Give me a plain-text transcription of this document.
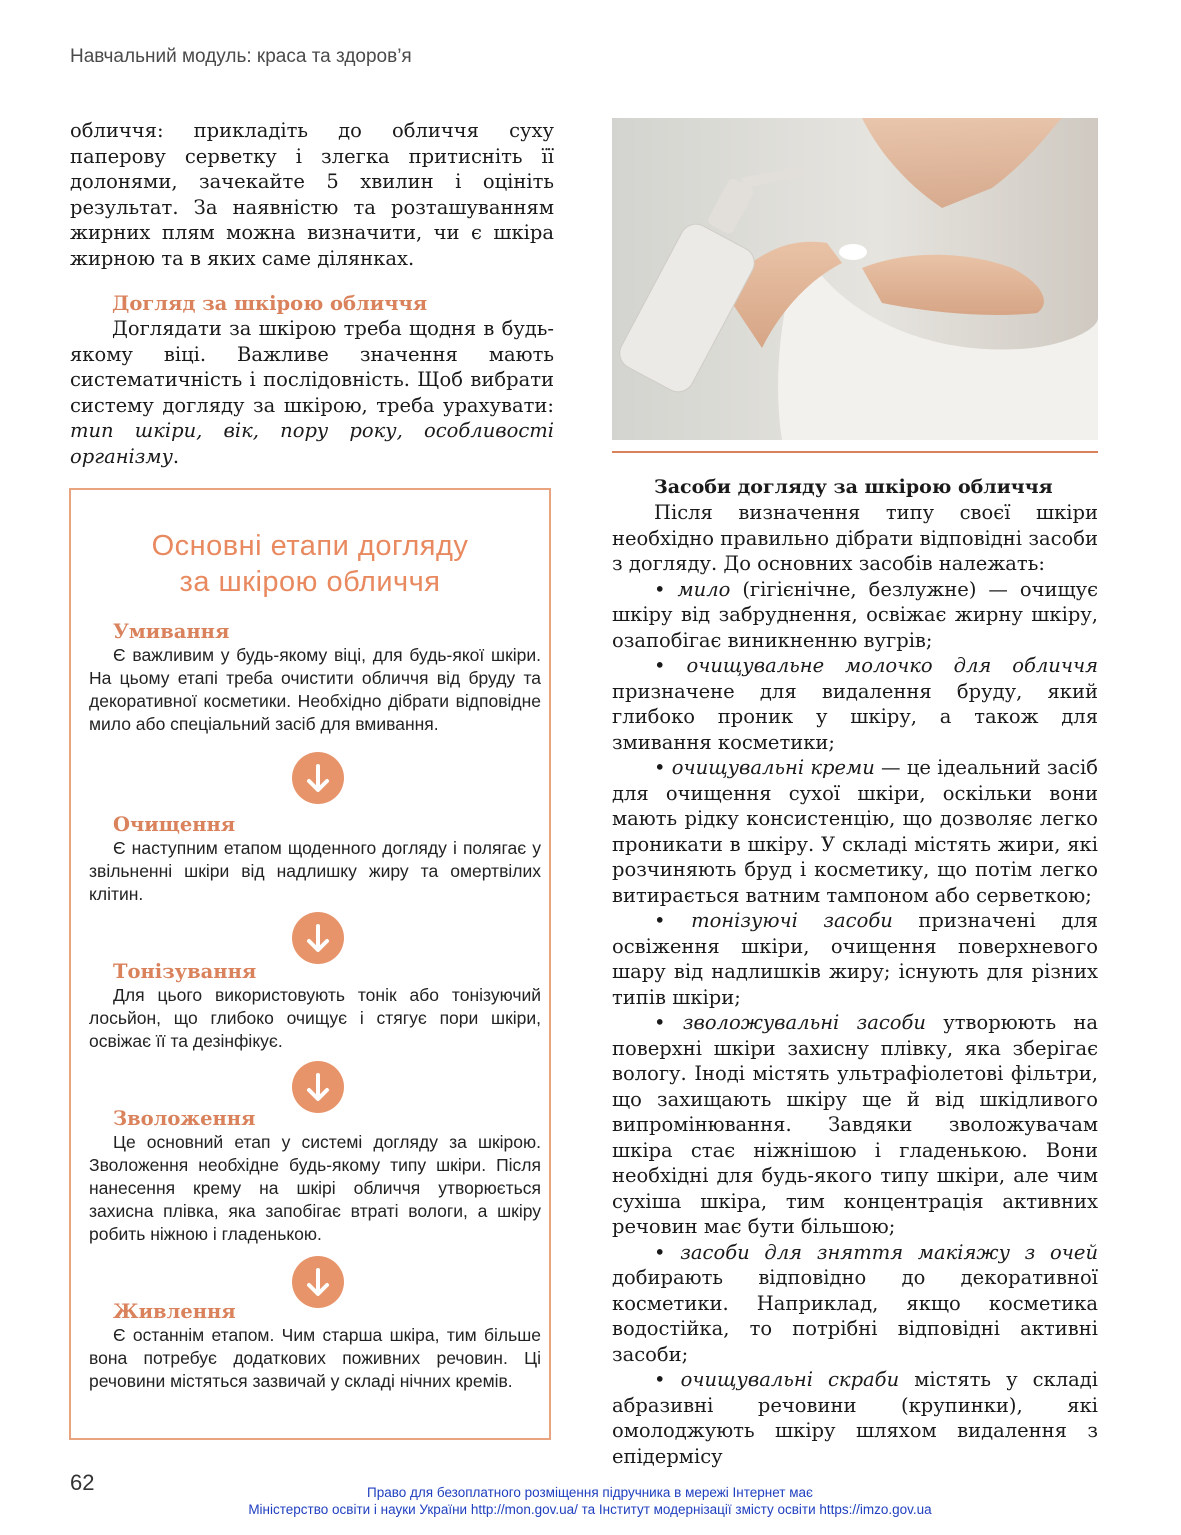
Навчальний модуль: краса та здоров’я

обличчя: прикладіть до обличчя суху паперову серветку і злегка притисніть її долонями, зачекайте 5 хвилин і оцініть результат. За наявністю та розташуванням жирних плям можна визначити, чи є шкіра жирною та в яких саме ділянках.

Догляд за шкірою обличчя

Доглядати за шкірою треба щодня в будь-якому віці. Важливе значення мають систематичність і послідовність. Щоб вибрати систему догляду за шкірою, треба урахувати: тип шкіри, вік, пору року, особливості організму.

Основні етапи догляду
за шкірою обличчя
Умивання

Є важливим у будь-якому віці, для будь-якої шкіри. На цьому етапі треба очистити обличчя від бруду та декоративної косметики. Необхідно дібрати відповідне мило або спеціальний засіб для вмивання.

Очищення

Є наступним етапом щоденного догляду і полягає у звільненні шкіри від надлишку жиру та омертвілих клітин.

Тонізування

Для цього використовують тонік або тонізуючий лосьйон, що глибоко очищує і стягує пори шкіри, освіжає її та дезінфікує.

Зволоження

Це основний етап у системі догляду за шкірою. Зволоження необхідне будь-якому типу шкіри. Після нанесення крему на шкірі обличчя утворюється захисна плівка, яка запобігає втраті вологи, а шкіру робить ніжною і гладенькою.

Живлення

Є останнім етапом. Чим старша шкіра, тим більше вона потребує додаткових поживних речовин. Ці речовини містяться зазвичай у складі нічних кремів.

Засоби догляду за шкірою обличчя

Після визначення типу своєї шкіри необхідно правильно дібрати відповідні засоби з догляду. До основних засобів належать:

• мило (гігієнічне, безлужне) — очищує шкіру від забруднення, освіжає жирну шкіру, озапобігає виникненню вугрів;

• очищувальне молочко для обличчя призначене для видалення бруду, який глибоко проник у шкіру, а також для змивання косметики;

• очищувальні креми — це ідеальний засіб для очищення сухої шкіри, оскільки вони мають рідку консистенцію, що дозволяє легко проникати в шкіру. У складі містять жири, які розчиняють бруд і косметику, що потім легко витирається ватним тампоном або серветкою;

• тонізуючі засоби призначені для освіження шкіри, очищення поверхневого шару від надлишків жиру; існують для різних типів шкіри;

• зволожувальні засоби утворюють на поверхні шкіри захисну плівку, яка зберігає вологу. Іноді містять ультрафіолетові фільтри, що захищають шкіру ще й від шкідливого випромінювання. Завдяки зволожувачам шкіра стає ніжнішою і гладенькою. Вони необхідні для будь-якого типу шкіри, але чим сухіша шкіра, тим концентрація активних речовин має бути більшою;

• засоби для зняття макіяжу з очей добирають відповідно до декоративної косметики. Наприклад, якщо косметика водостійка, то потрібні відповідні активні засоби;

• очищувальні скраби містять у складі абразивні речовини (крупинки), які омолоджують шкіру шляхом видалення з епідермісу

62	Право для безоплатного розміщення підручника в мережі Інтернет має
Міністерство освіти і науки України http://mon.gov.ua/ та Інститут модернізації змісту освіти https://imzo.gov.ua
